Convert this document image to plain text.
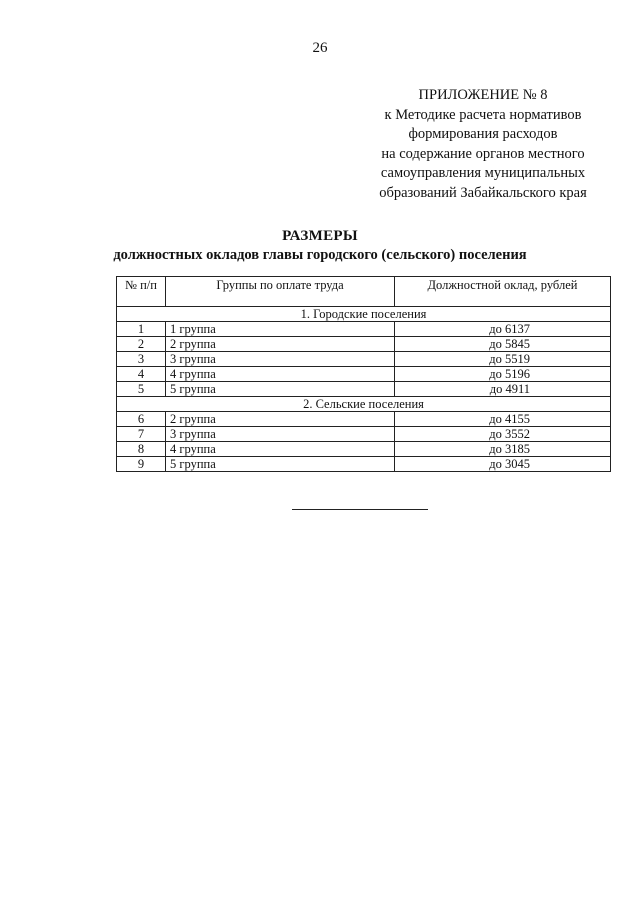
26
ПРИЛОЖЕНИЕ № 8
к Методике расчета нормативов
формирования расходов
на содержание органов местного
самоуправления муниципальных
образований Забайкальского края
РАЗМЕРЫ
должностных окладов главы городского (сельского) поселения
№ п/п	Группы по оплате труда	Должностной оклад, рублей
1. Городские поселения		
1	1 группа	до 6137
2	2 группа	до 5845
3	3 группа	до 5519
4	4 группа	до 5196
5	5 группа	до 4911
2. Сельские поселения		
6	2 группа	до 4155
7	3 группа	до 3552
8	4 группа	до 3185
9	5 группа	до 3045
